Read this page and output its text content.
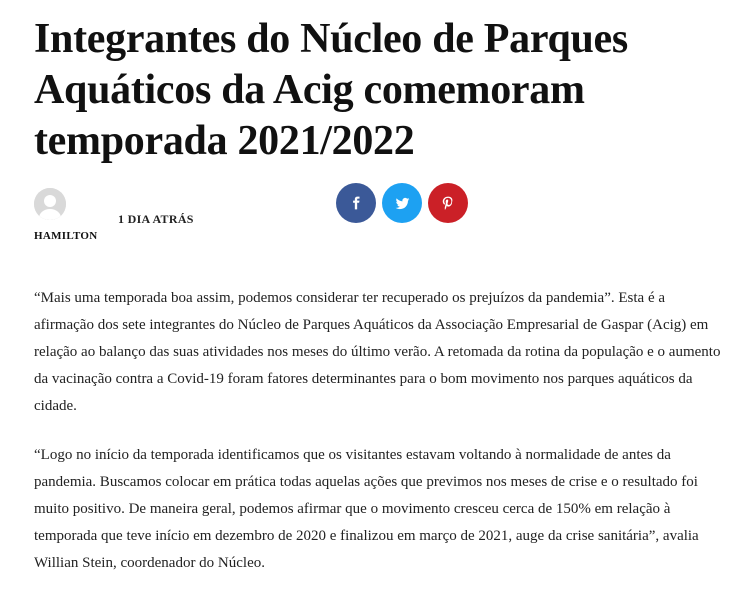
Integrantes do Núcleo de Parques Aquáticos da Acig comemoram temporada 2021/2022
HAMILTON
1 DIA ATRÁS

“Mais uma temporada boa assim, podemos considerar ter recuperado os prejuízos da pandemia”. Esta é a afirmação dos sete integrantes do Núcleo de Parques Aquáticos da Associação Empresarial de Gaspar (Acig) em relação ao balanço das suas atividades nos meses do último verão. A retomada da rotina da população e o aumento da vacinação contra a Covid-19 foram fatores determinantes para o bom movimento nos parques aquáticos da cidade.

“Logo no início da temporada identificamos que os visitantes estavam voltando à normalidade de antes da pandemia. Buscamos colocar em prática todas aquelas ações que previmos nos meses de crise e o resultado foi muito positivo. De maneira geral, podemos afirmar que o movimento cresceu cerca de 150% em relação à temporada que teve início em dezembro de 2020 e finalizou em março de 2021, auge da crise sanitária”, avalia Willian Stein, coordenador do Núcleo.
